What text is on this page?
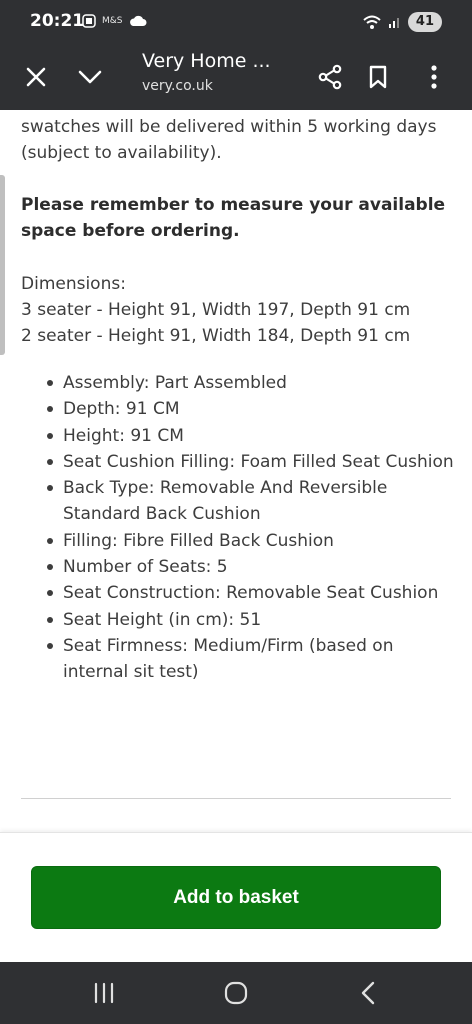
20:21 M&S	41
Very Home ...
very.co.uk
swatches will be delivered within 5 working days (subject to availability).
Please remember to measure your available space before ordering.
Dimensions:
3 seater - Height 91, Width 197, Depth 91 cm
2 seater - Height 91, Width 184, Depth 91 cm
Assembly: Part Assembled
Depth: 91 CM
Height: 91 CM
Seat Cushion Filling: Foam Filled Seat Cushion
Back Type: Removable And Reversible Standard Back Cushion
Filling: Fibre Filled Back Cushion
Number of Seats: 5
Seat Construction: Removable Seat Cushion
Seat Height (in cm): 51
Seat Firmness: Medium/Firm (based on internal sit test)
Add to basket
